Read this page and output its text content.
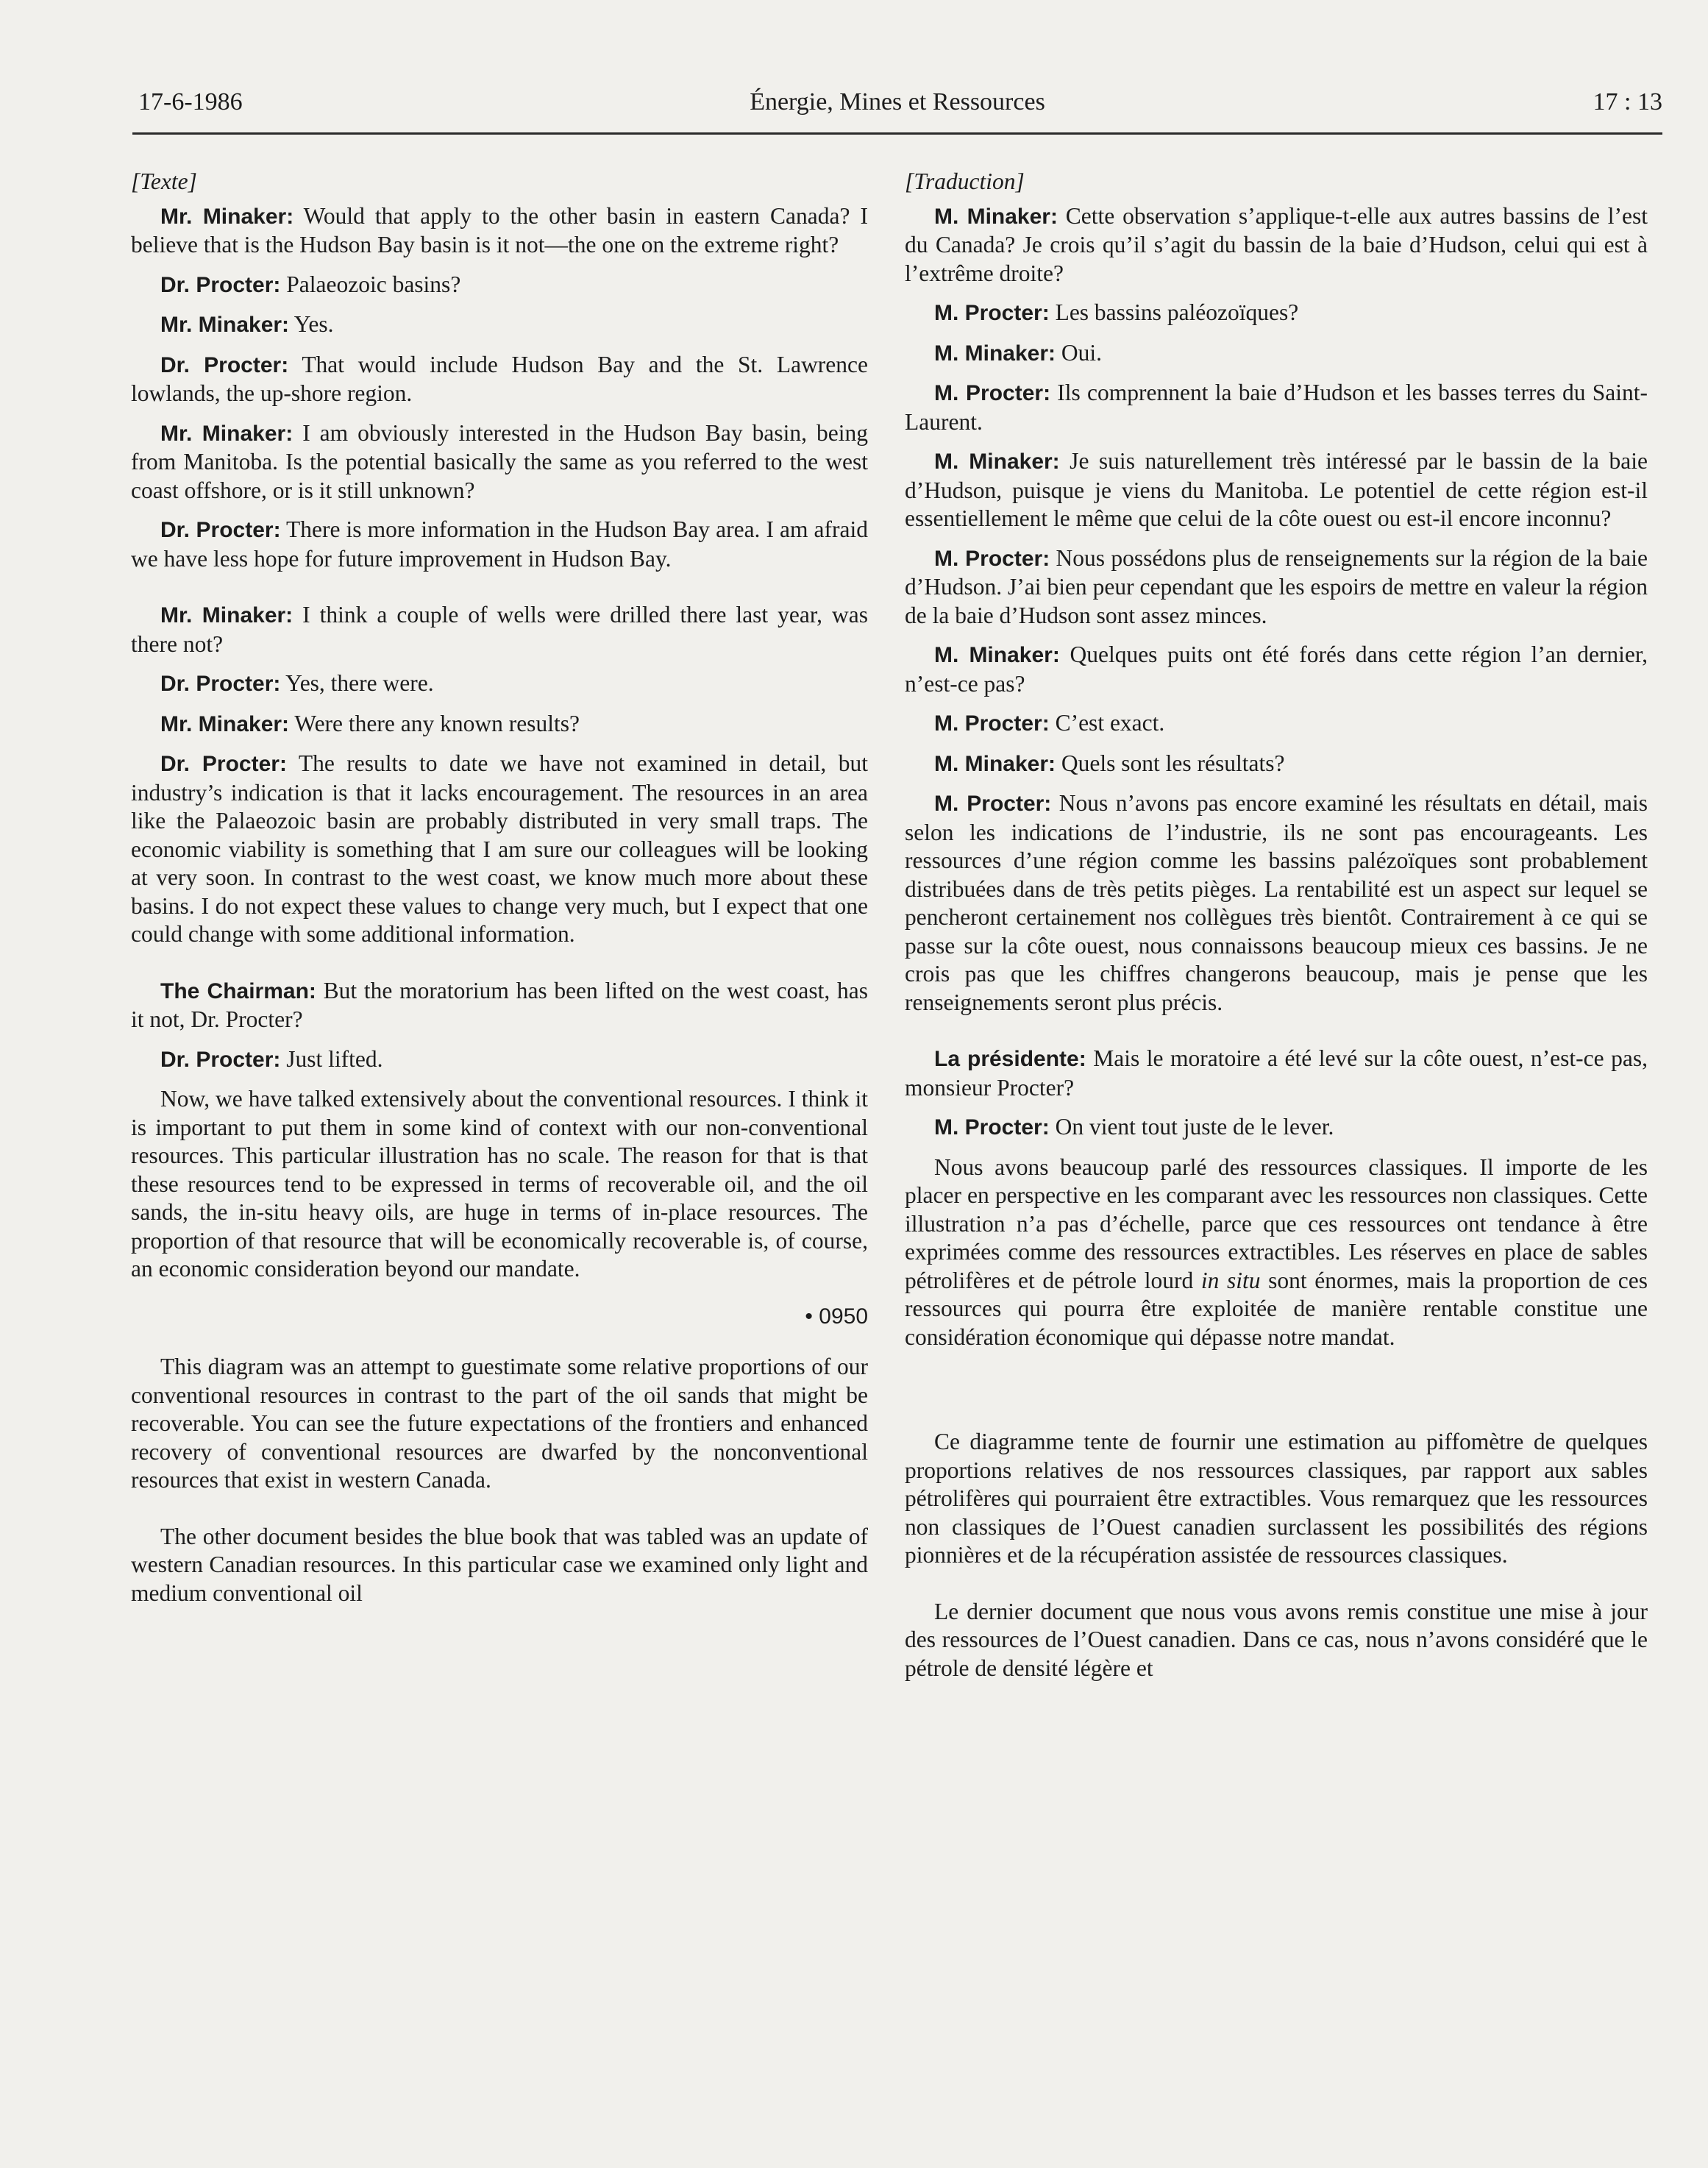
17-6-1986	Énergie, Mines et Ressources	17 : 13

[Texte]

Mr. Minaker: Would that apply to the other basin in eastern Canada? I believe that is the Hudson Bay basin is it not—the one on the extreme right?

Dr. Procter: Palaeozoic basins?

Mr. Minaker: Yes.

Dr. Procter: That would include Hudson Bay and the St. Lawrence lowlands, the up-shore region.

Mr. Minaker: I am obviously interested in the Hudson Bay basin, being from Manitoba. Is the potential basically the same as you referred to the west coast offshore, or is it still unknown?

Dr. Procter: There is more information in the Hudson Bay area. I am afraid we have less hope for future improvement in Hudson Bay.

Mr. Minaker: I think a couple of wells were drilled there last year, was there not?

Dr. Procter: Yes, there were.

Mr. Minaker: Were there any known results?

Dr. Procter: The results to date we have not examined in detail, but industry’s indication is that it lacks encouragement. The resources in an area like the Palaeozoic basin are probably distributed in very small traps. The economic viability is something that I am sure our colleagues will be looking at very soon. In contrast to the west coast, we know much more about these basins. I do not expect these values to change very much, but I expect that one could change with some additional information.

The Chairman: But the moratorium has been lifted on the west coast, has it not, Dr. Procter?

Dr. Procter: Just lifted.

Now, we have talked extensively about the conventional resources. I think it is important to put them in some kind of context with our non-conventional resources. This particular illustration has no scale. The reason for that is that these resources tend to be expressed in terms of recoverable oil, and the oil sands, the in-situ heavy oils, are huge in terms of in-place resources. The proportion of that resource that will be economically recoverable is, of course, an economic consideration beyond our mandate.

• 0950

This diagram was an attempt to guestimate some relative proportions of our conventional resources in contrast to the part of the oil sands that might be recoverable. You can see the future expectations of the frontiers and enhanced recovery of conventional resources are dwarfed by the nonconventional resources that exist in western Canada.

The other document besides the blue book that was tabled was an update of western Canadian resources. In this particular case we examined only light and medium conventional oil

[Traduction]

M. Minaker: Cette observation s’applique-t-elle aux autres bassins de l’est du Canada? Je crois qu’il s’agit du bassin de la baie d’Hudson, celui qui est à l’extrême droite?

M. Procter: Les bassins paléozoïques?

M. Minaker: Oui.

M. Procter: Ils comprennent la baie d’Hudson et les basses terres du Saint-Laurent.

M. Minaker: Je suis naturellement très intéressé par le bassin de la baie d’Hudson, puisque je viens du Manitoba. Le potentiel de cette région est-il essentiellement le même que celui de la côte ouest ou est-il encore inconnu?

M. Procter: Nous possédons plus de renseignements sur la région de la baie d’Hudson. J’ai bien peur cependant que les espoirs de mettre en valeur la région de la baie d’Hudson sont assez minces.

M. Minaker: Quelques puits ont été forés dans cette région l’an dernier, n’est-ce pas?

M. Procter: C’est exact.

M. Minaker: Quels sont les résultats?

M. Procter: Nous n’avons pas encore examiné les résultats en détail, mais selon les indications de l’industrie, ils ne sont pas encourageants. Les ressources d’une région comme les bassins palézoïques sont probablement distribuées dans de très petits pièges. La rentabilité est un aspect sur lequel se pencheront certainement nos collègues très bientôt. Contrairement à ce qui se passe sur la côte ouest, nous connaissons beaucoup mieux ces bassins. Je ne crois pas que les chiffres changerons beaucoup, mais je pense que les renseignements seront plus précis.

La présidente: Mais le moratoire a été levé sur la côte ouest, n’est-ce pas, monsieur Procter?

M. Procter: On vient tout juste de le lever.

Nous avons beaucoup parlé des ressources classiques. Il importe de les placer en perspective en les comparant avec les ressources non classiques. Cette illustration n’a pas d’échelle, parce que ces ressources ont tendance à être exprimées comme des ressources extractibles. Les réserves en place de sables pétrolifères et de pétrole lourd in situ sont énormes, mais la proportion de ces ressources qui pourra être exploitée de manière rentable constitue une considération économique qui dépasse notre mandat.

Ce diagramme tente de fournir une estimation au piffomètre de quelques proportions relatives de nos ressources classiques, par rapport aux sables pétrolifères qui pourraient être extractibles. Vous remarquez que les ressources non classiques de l’Ouest canadien surclassent les possibilités des régions pionnières et de la récupération assistée de ressources classiques.

Le dernier document que nous vous avons remis constitue une mise à jour des ressources de l’Ouest canadien. Dans ce cas, nous n’avons considéré que le pétrole de densité légère et
